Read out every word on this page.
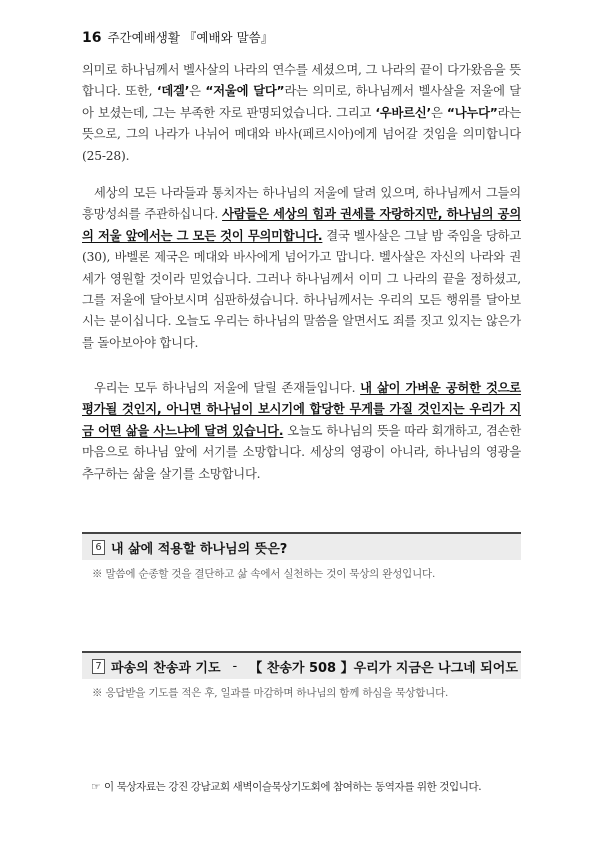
16 주간예배생활 『예배와 말씀』

의미로 하나님께서 벨사살의 나라의 연수를 세셨으며, 그 나라의 끝이 다가왔음을 뜻합니다. 또한, ‘데겔’은 “저울에 달다”라는 의미로, 하나님께서 벨사살을 저울에 달아 보셨는데, 그는 부족한 자로 판명되었습니다. 그리고 ‘우바르신’은 “나누다”라는 뜻으로, 그의 나라가 나뉘어 메대와 바사(페르시아)에게 넘어갈 것임을 의미합니다(25-28).

세상의 모든 나라들과 통치자는 하나님의 저울에 달려 있으며, 하나님께서 그들의 흥망성쇠를 주관하십니다. 사람들은 세상의 힘과 권세를 자랑하지만, 하나님의 공의의 저울 앞에서는 그 모든 것이 무의미합니다. 결국 벨사살은 그날 밤 죽임을 당하고(30), 바벨론 제국은 메대와 바사에게 넘어가고 맙니다. 벨사살은 자신의 나라와 권세가 영원할 것이라 믿었습니다. 그러나 하나님께서 이미 그 나라의 끝을 정하셨고, 그를 저울에 달아보시며 심판하셨습니다. 하나님께서는 우리의 모든 행위를 달아보시는 분이십니다. 오늘도 우리는 하나님의 말씀을 알면서도 죄를 짓고 있지는 않은가를 돌아보아야 합니다.

우리는 모두 하나님의 저울에 달릴 존재들입니다. 내 삶이 가벼운 공허한 것으로 평가될 것인지, 아니면 하나님이 보시기에 합당한 무게를 가질 것인지는 우리가 지금 어떤 삶을 사느냐에 달려 있습니다. 오늘도 하나님의 뜻을 따라 회개하고, 겸손한 마음으로 하나님 앞에 서기를 소망합니다. 세상의 영광이 아니라, 하나님의 영광을 추구하는 삶을 살기를 소망합니다.

6 내 삶에 적용할 하나님의 뜻은?
※ 말씀에 순종할 것을 결단하고 삶 속에서 실천하는 것이 묵상의 완성입니다.
7 파송의 찬송과 기도 - 【 찬송가 508 】우리가 지금은 나그네 되어도
※ 응답받을 기도를 적은 후, 일과를 마감하며 하나님의 함께 하심을 묵상합니다.
☞ 이 묵상자료는 강진 강남교회 새벽이슬묵상기도회에 참여하는 동역자를 위한 것입니다.
